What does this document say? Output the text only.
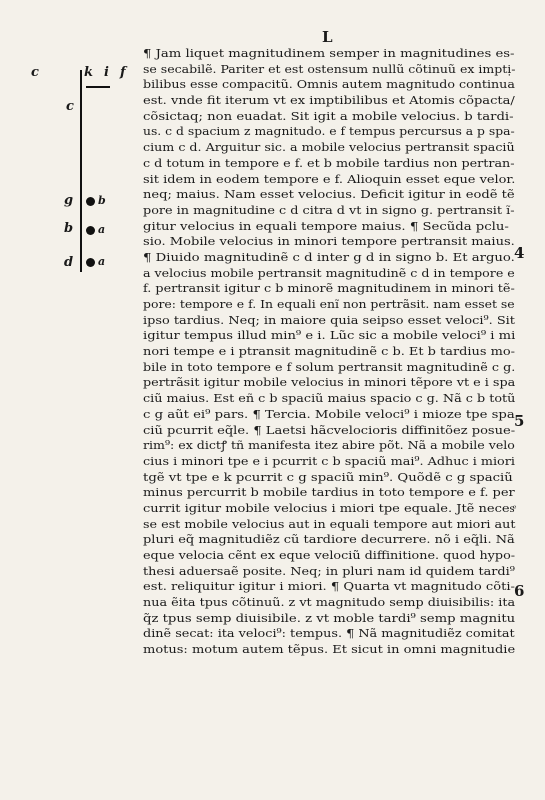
L
c	k i f
c
g
b
d
b
a
a
¶ Jam liquet magnitudinem semper in magnitudines es-
se secabilẽ. Pariter et est ostensum nullũ cõtinuũ ex imptị-
bilibus esse compacitũ. Omnis autem magnitudo continua
est. vnde fit iterum vt ex imptibilibus et Atomis cõpacta/
cõsictaq; non euadat. Sit igit a mobile velocius. b tardi-
us. c d spacium z magnitudo. e f tempus percursus a p spa-
cium c d. Arguitur sic. a mobile velocius pertransit spaciũ
c d totum in tempore e f. et b mobile tardius non pertran-
sit idem in eodem tempore e f. Alioquin esset eque velor.
neq; maius. Nam esset velocius. Deficit igitur in eodẽ tẽ
pore in magnitudine c d citra d vt in signo g. pertransit ĩ-
gitur velocius in equali tempore maius. ¶ Secũda pclu-
sio. Mobile velocius in minori tempore pertransit maius.
¶ Diuido magnitudinẽ c d inter g d in signo b. Et arguo.
a velocius mobile pertransit magnitudinẽ c d in tempore e
f. pertransit igitur c b minorẽ magnitudinem in minori tẽ-
pore: tempore e f. In equali enĩ non pertrãsit. nam esset se
ipso tardius. Neq; in maiore quia seipso esset veloci⁹. Sit
igitur tempus illud min⁹ e i. Lũc sic a mobile veloci⁹ i mi
nori tempe e i ptransit magnitudinẽ c b. Et b tardius mo-
bile in toto tempore e f solum pertransit magnitudinẽ c g.
pertrãsit igitur mobile velocius in minori tẽpore vt e i spa
ciũ maius. Est eñ c b spaciũ maius spacio c g. Nã c b totũ
c g aũt ei⁹ pars. ¶ Tercia. Mobile veloci⁹ i mioze tpe spa
ciũ pcurrit eq̃le. ¶ Laetsi hãcvelocioris diffinitõez posue-
rim⁹: ex dictꝭ tñ manifesta itez abire põt. Nã a mobile velo
cius i minori tpe e i pcurrit c b spaciũ mai⁹. Adhuc i miori
tgẽ vt tpe e k pcurrit c g spaciũ min⁹. Quõdẽ c g spaciũ
minus percurrit b mobile tardius in toto tempore e f. per
currit igitur mobile velocius i miori tpe equale. Jtẽ necesͤ
se est mobile velocius aut in equali tempore aut miori aut
pluri eq̃ magnitudiẽz cũ tardiore decurrere. nõ i eq̃li. Nã
eque velocia cẽnt ex eque velociũ diffinitione. quod hypo-
thesi aduersaẽ posite. Neq; in pluri nam id quidem tardi⁹
est. reliquitur igitur i miori. ¶ Quarta vt magnitudo cõti-
nua ẽita tpus cõtinuũ. z vt magnitudo semp diuisibilis: ita
q̃z tpus semp diuisibile. z vt moble tardi⁹ semp magnitu
dinẽ secat: ita veloci⁹: tempus. ¶ Nã magnitudiẽz comitat
motus: motum autem tẽpus. Et sicut in omni magnitudie
4
5
6
